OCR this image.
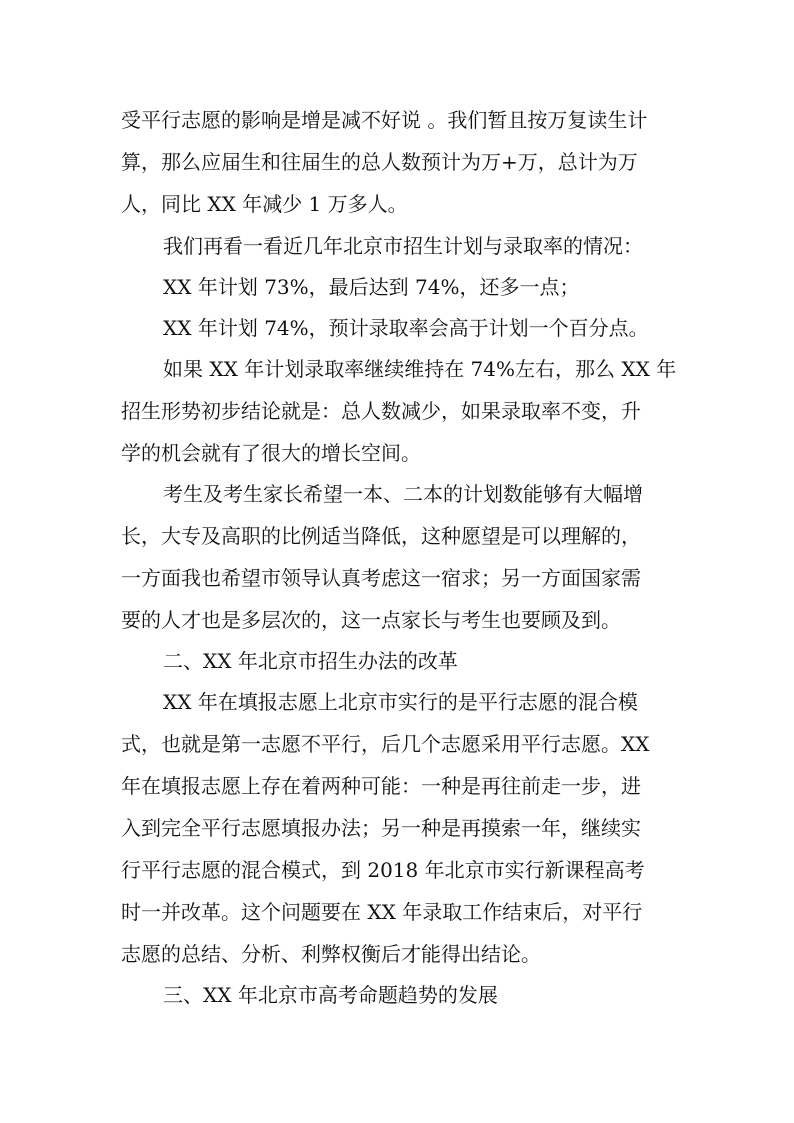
受平行志愿的影响是增是减不好说 。我们暂且按万复读生计

算，那么应届生和往届生的总人数预计为万+万，总计为万

人，同比 XX 年减少 1 万多人。

我们再看一看近几年北京市招生计划与录取率的情况：

XX 年计划 73%，最后达到 74%，还多一点；

XX 年计划 74%，预计录取率会高于计划一个百分点。

如果 XX 年计划录取率继续维持在 74%左右，那么 XX 年

招生形势初步结论就是：总人数减少，如果录取率不变，升

学的机会就有了很大的增长空间。

考生及考生家长希望一本、二本的计划数能够有大幅增

长，大专及高职的比例适当降低，这种愿望是可以理解的，

一方面我也希望市领导认真考虑这一宿求；另一方面国家需

要的人才也是多层次的，这一点家长与考生也要顾及到。

二、XX 年北京市招生办法的改革

XX 年在填报志愿上北京市实行的是平行志愿的混合模

式，也就是第一志愿不平行，后几个志愿采用平行志愿。XX

年在填报志愿上存在着两种可能：一种是再往前走一步，进

入到完全平行志愿填报办法；另一种是再摸索一年，继续实

行平行志愿的混合模式，到 2018 年北京市实行新课程高考

时一并改革。这个问题要在 XX 年录取工作结束后，对平行

志愿的总结、分析、利弊权衡后才能得出结论。

三、XX 年北京市高考命题趋势的发展
